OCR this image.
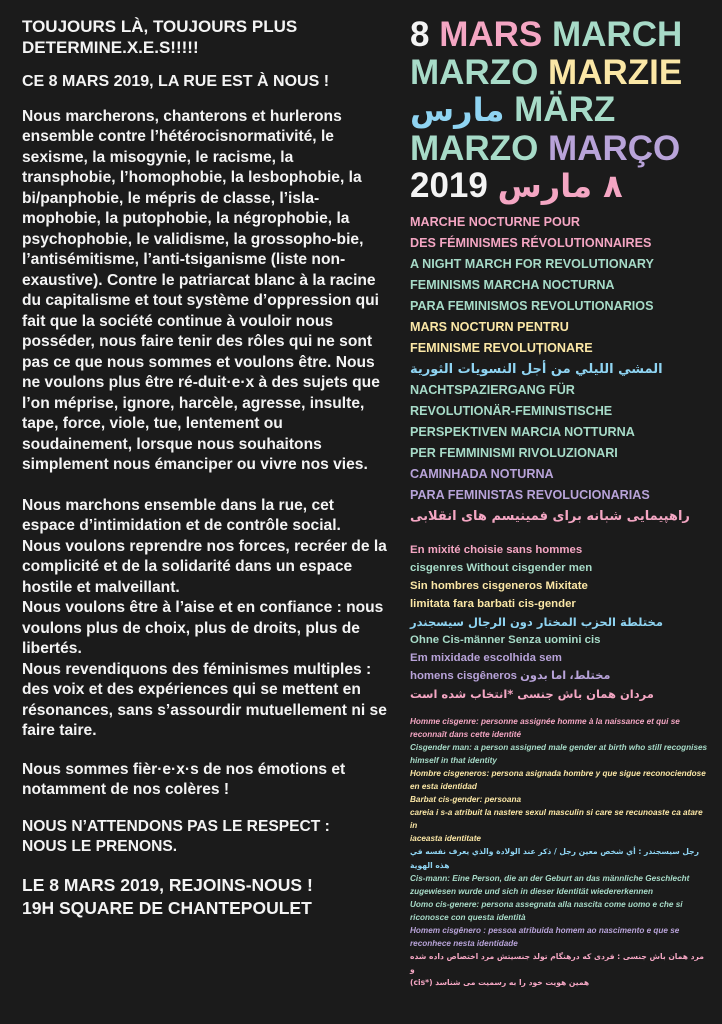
TOUJOURS LÀ, TOUJOURS PLUS DETERMINE.X.E.S!!!!!

CE 8 MARS 2019, LA RUE EST À NOUS !

Nous marcherons, chanterons et hurlerons ensemble contre l’hétérocisnormativité, le sexisme, la misogynie, le racisme, la transphobie, l’homophobie, la lesbophobie, la bi/panphobie, le mépris de classe, l’isla-mophobie, la putophobie, la négrophobie, la psychophobie, le validisme, la grossopho-bie, l’antisémitisme, l’anti-tsiganisme (liste non-exaustive). Contre le patriarcat blanc à la racine du capitalisme et tout système d’oppression qui fait que la société continue à vouloir nous posséder, nous faire tenir des rôles qui ne sont pas ce que nous sommes et voulons être. Nous ne voulons plus être ré-duit·e·x à des sujets que l’on méprise, ignore, harcèle, agresse, insulte, tape, force, viole, tue, lentement ou soudainement, lorsque nous souhaitons simplement nous émanciper ou vivre nos vies.

Nous marchons ensemble dans la rue, cet espace d’intimidation et de contrôle social.
Nous voulons reprendre nos forces, recréer de la complicité et de la solidarité dans un espace hostile et malveillant.
Nous voulons être à l’aise et en confiance : nous voulons plus de choix, plus de droits, plus de libertés.
Nous revendiquons des féminismes multiples : des voix et des expériences qui se mettent en résonances, sans s’assourdir mutuellement ni se faire taire.

Nous sommes fièr·e·x·s de nos émotions et notamment de nos colères !

NOUS N’ATTENDONS PAS LE RESPECT :
NOUS LE PRENONS.

LE 8 MARS 2019, REJOINS-NOUS !
19H SQUARE DE CHANTEPOULET
8 MARS MARCH
MARZO MARZIE
مارس MÄRZ
MARZO MARÇO
٨ مارس 2019
MARCHE NOCTURNE POUR
DES FÉMINISMES RÉVOLUTIONNAIRES
A NIGHT MARCH FOR REVOLUTIONARY
FEMINISMS MARCHA NOCTURNA
PARA FEMINISMOS REVOLUTIONARIOS
MARS NOCTURN PENTRU
FEMINISME REVOLUȚIONARE
المشي الليلي من أجل النسويات الثورية
NACHTSPAZIERGANG FÜR
REVOLUTIONÄR-FEMINISTISCHE
PERSPEKTIVEN MARCIA NOTTURNA
PER FEMMINISMI RIVOLUZIONARI
CAMINHADA NOTURNA
PARA FEMINISTAS REVOLUCIONARIAS
راهپیمایی شبانه برای فمینیسم های انقلابی
En mixité choisie sans hommes
cisgenres Without cisgender men
Sin hombres cisgeneros Mixitate
limitata fara barbati cis-gender
مختلطة الحزب المختار دون الرجال سيسجندر
Ohne Cis-männer Senza uomini cis
Em mixidade escolhida sem
homens cisgêneros مختلط، اما بدون
مردان همان باش جنسی *انتخاب شده است
Homme cisgenre: personne assignée homme à la naissance et qui se
reconnaît dans cette identité
Cisgender man: a person assigned male gender at birth who still recognises
himself in that identity
Hombre cisgeneros: persona asignada hombre y que sigue reconociendose
en esta identidad
Barbat cis-gender: persoana
careia i s-a atribuit la nastere sexul masculin si care se recunoaste ca atare in
iaceasta identitate
رجل سيسجندر : أي شخص معين رجل / ذكر عند الولادة والذي يعرف نفسه في هذه الهوية
Cis-mann: Eine Person, die an der Geburt an das männliche Geschlecht
zugewiesen wurde und sich in dieser Identität wiedererkennen
Uomo cis-genere: persona assegnata alla nascita come uomo e che si
riconosce con questa identità
Homem cisgênero : pessoa atribuida homem ao nascimento e que se
reconhece nesta identidade
مرد همان باش جنسی : فردی که درهنگام تولد جنسیتش مرد اختصاص داده شده و
همین هویت خود را به رسمیت می شناسد (*cis)
